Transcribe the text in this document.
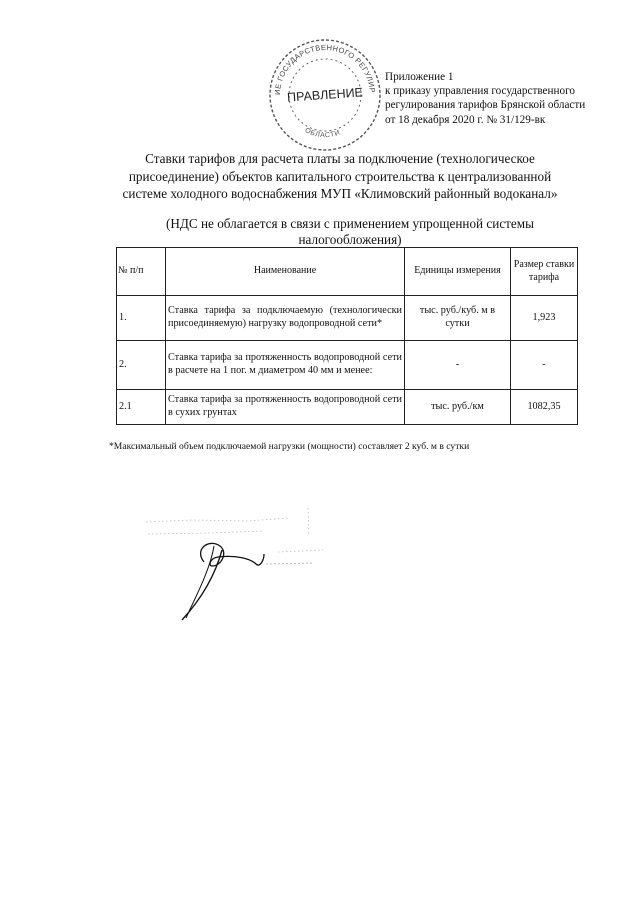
ИЕ ГОСУДАРСТВЕННОГО РЕГУЛИР
ОБЛАСТИ
ПРАВЛЕНИЕ
Приложение 1
к приказу управления государственного
регулирования тарифов Брянской области
от 18 декабря 2020 г. № 31/129-вк
Ставки тарифов для расчета платы за подключение (технологическое
присоединение) объектов капитального строительства к централизованной
системе холодного водоснабжения МУП «Климовский районный водоканал»
(НДС не облагается в связи с применением упрощенной системы
налогообложения)
№ п/п	Наименование	Единицы измерения	Размер ставки тарифа
1.	Ставка тарифа за подключаемую (технологически присоединяемую) нагрузку водопроводной сети*	тыс. руб./куб. м в сутки	1,923
2.	Ставка тарифа за протяженность водопроводной сети в расчете на 1 пог. м диаметром 40 мм и менее:	-	-
2.1	Ставка тарифа за протяженность водопроводной сети в сухих грунтах	тыс. руб./км	1082,35
*Максимальный объем подключаемой нагрузки (мощности) составляет 2 куб. м в сутки
